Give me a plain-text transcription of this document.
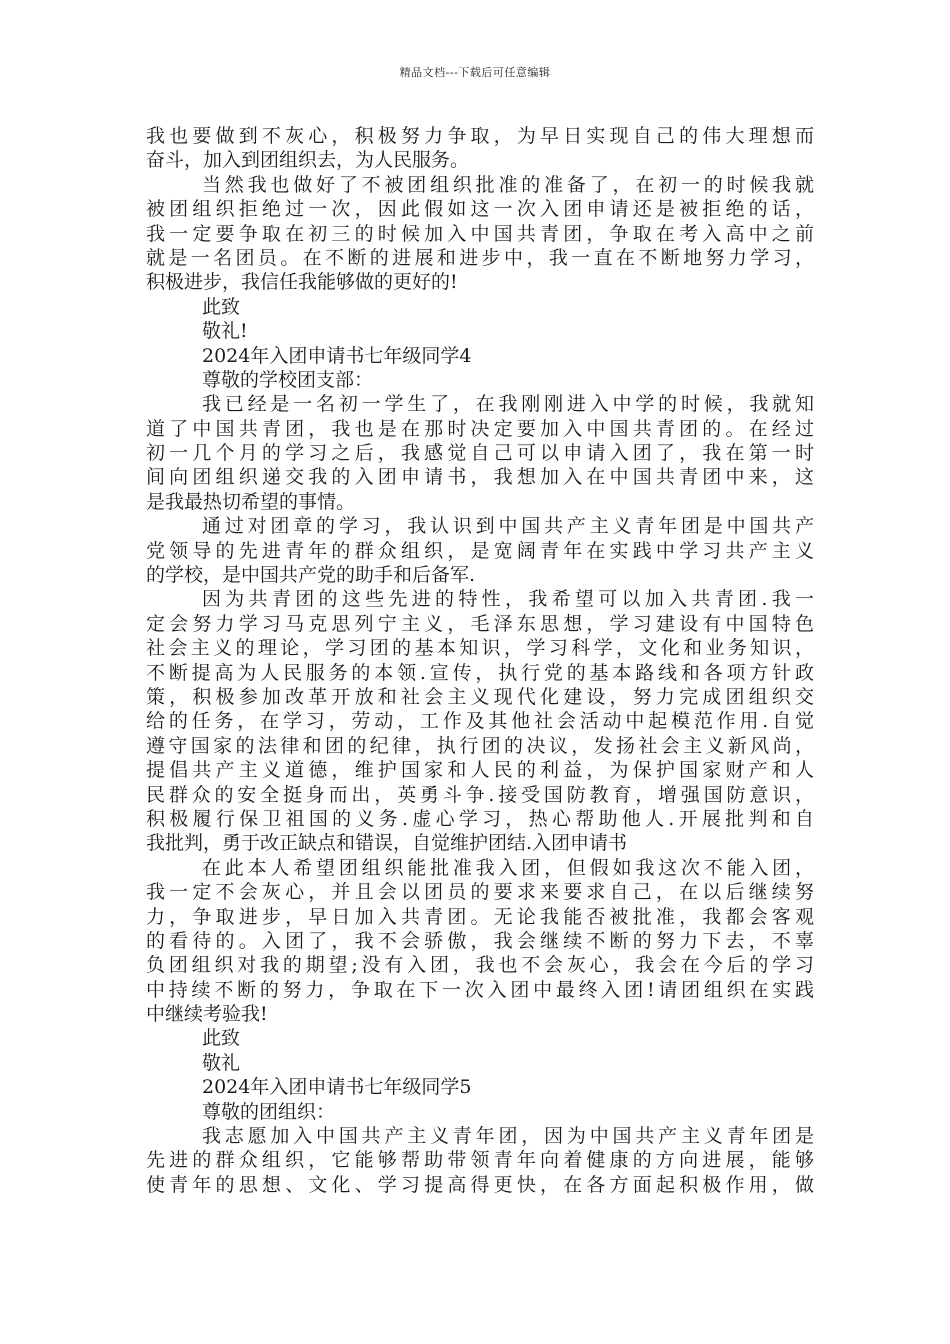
精品文档---下载后可任意编辑
我也要做到不灰心，积极努力争取，为早日实现自己的伟大理想而
奋斗，加入到团组织去，为人民服务。
当然我也做好了不被团组织批准的准备了，在初一的时候我就
被团组织拒绝过一次，因此假如这一次入团申请还是被拒绝的话，
我一定要争取在初三的时候加入中国共青团，争取在考入高中之前
就是一名团员。在不断的进展和进步中，我一直在不断地努力学习，
积极进步，我信任我能够做的更好的!
此致
敬礼!
2024年入团申请书七年级同学4
尊敬的学校团支部：
我已经是一名初一学生了，在我刚刚进入中学的时候，我就知
道了中国共青团，我也是在那时决定要加入中国共青团的。在经过
初一几个月的学习之后，我感觉自己可以申请入团了，我在第一时
间向团组织递交我的入团申请书，我想加入在中国共青团中来，这
是我最热切希望的事情。
通过对团章的学习，我认识到中国共产主义青年团是中国共产
党领导的先进青年的群众组织，是宽阔青年在实践中学习共产主义
的学校，是中国共产党的助手和后备军.
因为共青团的这些先进的特性，我希望可以加入共青团.我一
定会努力学习马克思列宁主义，毛泽东思想，学习建设有中国特色
社会主义的理论，学习团的基本知识，学习科学，文化和业务知识，
不断提高为人民服务的本领.宣传，执行党的基本路线和各项方针政
策，积极参加改革开放和社会主义现代化建设，努力完成团组织交
给的任务，在学习，劳动，工作及其他社会活动中起模范作用.自觉
遵守国家的法律和团的纪律，执行团的决议，发扬社会主义新风尚，
提倡共产主义道德，维护国家和人民的利益，为保护国家财产和人
民群众的安全挺身而出，英勇斗争.接受国防教育，增强国防意识，
积极履行保卫祖国的义务.虚心学习，热心帮助他人.开展批判和自
我批判，勇于改正缺点和错误，自觉维护团结.入团申请书
在此本人希望团组织能批准我入团，但假如我这次不能入团，
我一定不会灰心，并且会以团员的要求来要求自己，在以后继续努
力，争取进步，早日加入共青团。无论我能否被批准，我都会客观
的看待的。入团了，我不会骄傲，我会继续不断的努力下去，不辜
负团组织对我的期望;没有入团，我也不会灰心，我会在今后的学习
中持续不断的努力，争取在下一次入团中最终入团!请团组织在实践
中继续考验我!
此致
敬礼
2024年入团申请书七年级同学5
尊敬的团组织：
我志愿加入中国共产主义青年团，因为中国共产主义青年团是
先进的群众组织，它能够帮助带领青年向着健康的方向进展，能够
使青年的思想、文化、学习提高得更快，在各方面起积极作用，做
